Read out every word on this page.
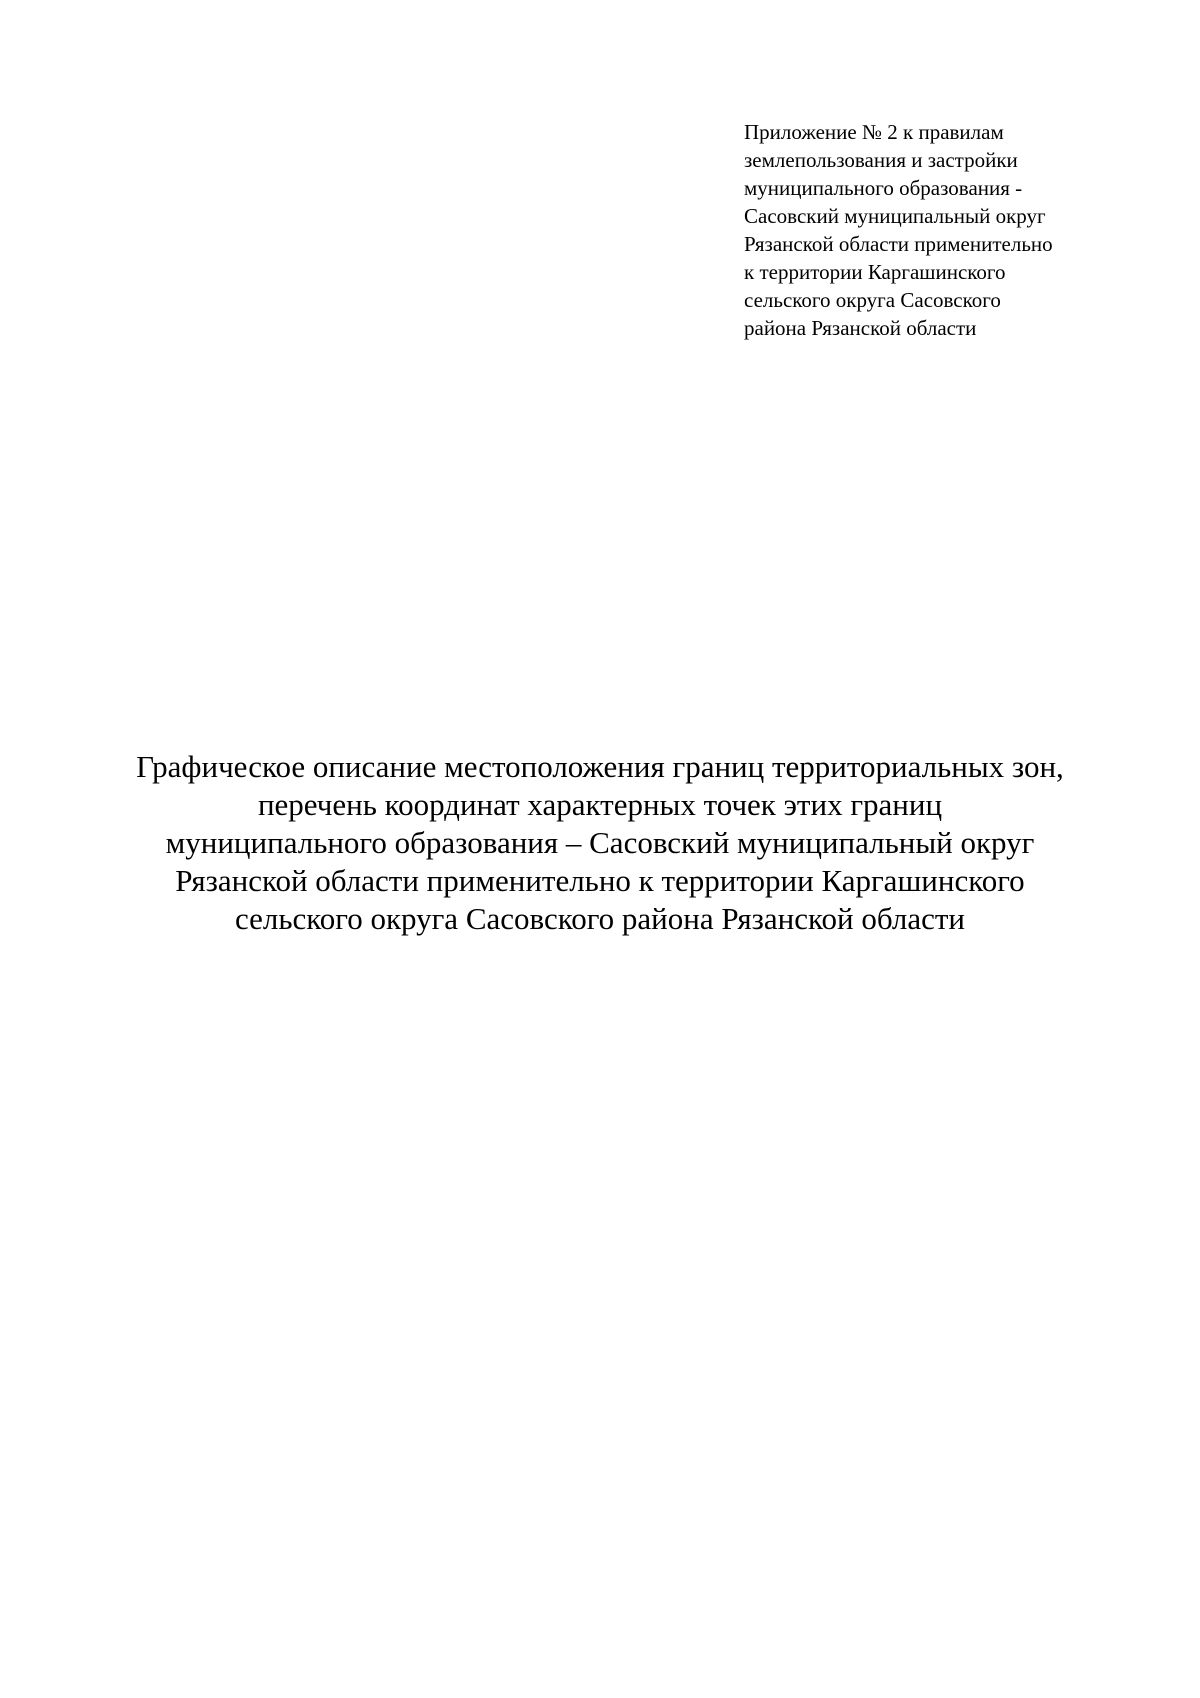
Приложение № 2 к правилам
землепользования и застройки
муниципального образования -
Сасовский муниципальный округ
Рязанской области применительно
к территории Каргашинского
сельского округа Сасовского
района Рязанской области
Графическое описание местоположения границ территориальных зон,
перечень координат характерных точек этих границ
муниципального образования – Сасовский муниципальный округ
Рязанской области применительно к территории Каргашинского
сельского округа Сасовского района Рязанской области
